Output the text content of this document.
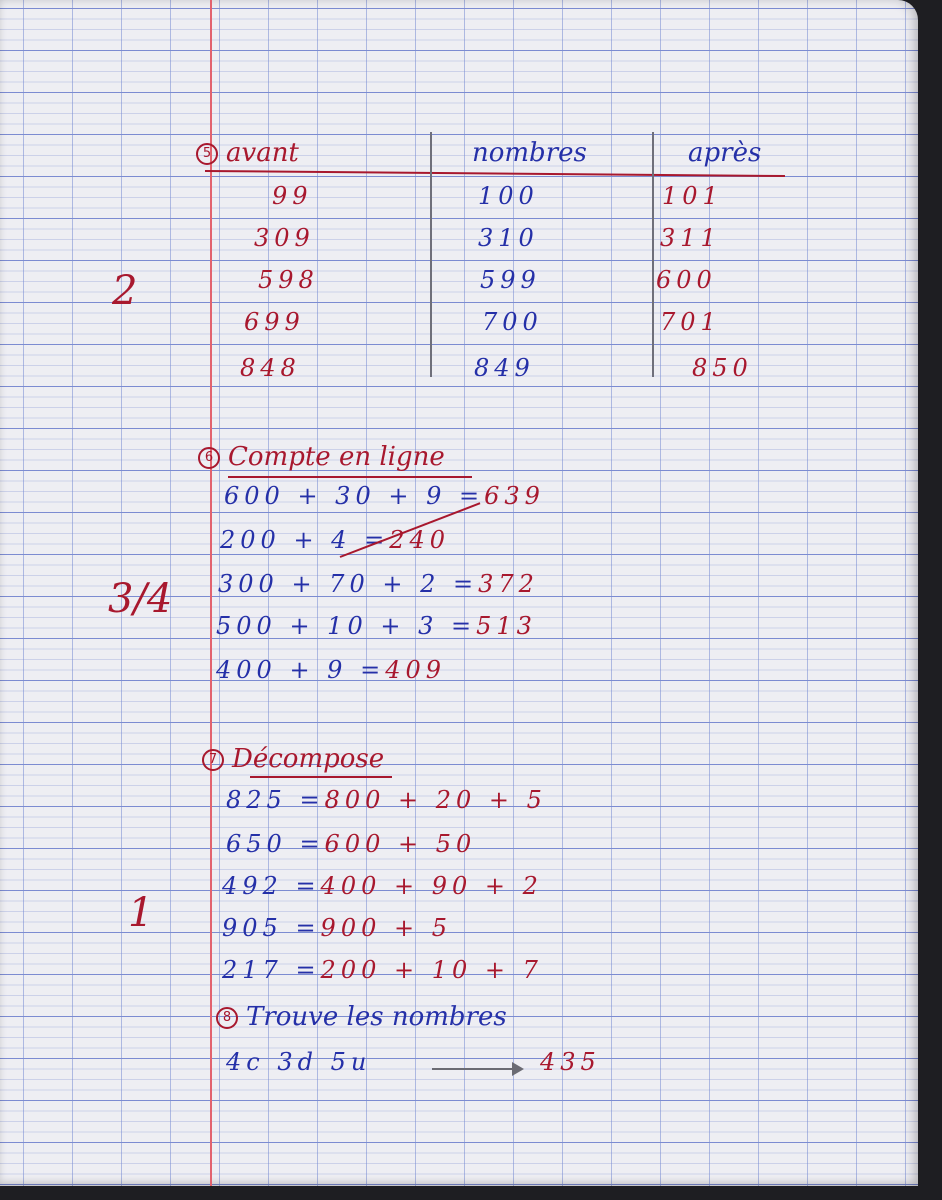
5 avant	nombres	après
99	100	101
309	310	311
598	599	600
699	700	701
848	849	850
2
6 Compte en ligne
600 + 30 + 9 =639
200 + 4 =240
300 + 70 + 2 =372
500 + 10 + 3 =513
400 + 9 =409
3/4
7 Décompose
825 =800 + 20 + 5
650 =600 + 50
492 =400 + 90 + 2
905 =900 + 5
217 =200 + 10 + 7
1
8 Trouve les nombres
4c 3d 5u	435
